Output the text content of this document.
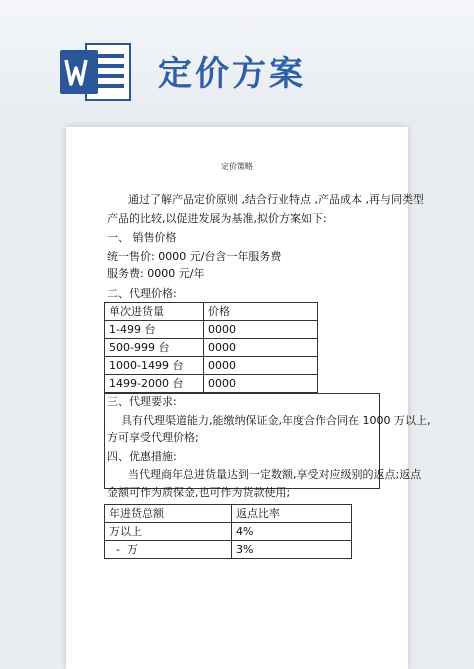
定价方案
定价策略
通过了解产品定价原则 ,结合行业特点 ,产品成本 ,再与同类型
产品的比较,以促进发展为基准,拟价方案如下:
一、 销售价格
统一售价: 0000 元/台含一年服务费
服务费: 0000 元/年
二、代理价格:
单次进货量	价格
1-499 台	0000
500-999 台	0000
1000-1499 台	0000
1499-2000 台	0000
三、代理要求:
具有代理渠道能力,能缴纳保证金,年度合作合同在 1000 万以上,
方可享受代理价格;
四、优惠措施:
当代理商年总进货量达到一定数额,享受对应级别的返点;返点
金额可作为质保金,也可作为货款使用;
年进货总额	返点比率
万以上	4%
-  万	3%
